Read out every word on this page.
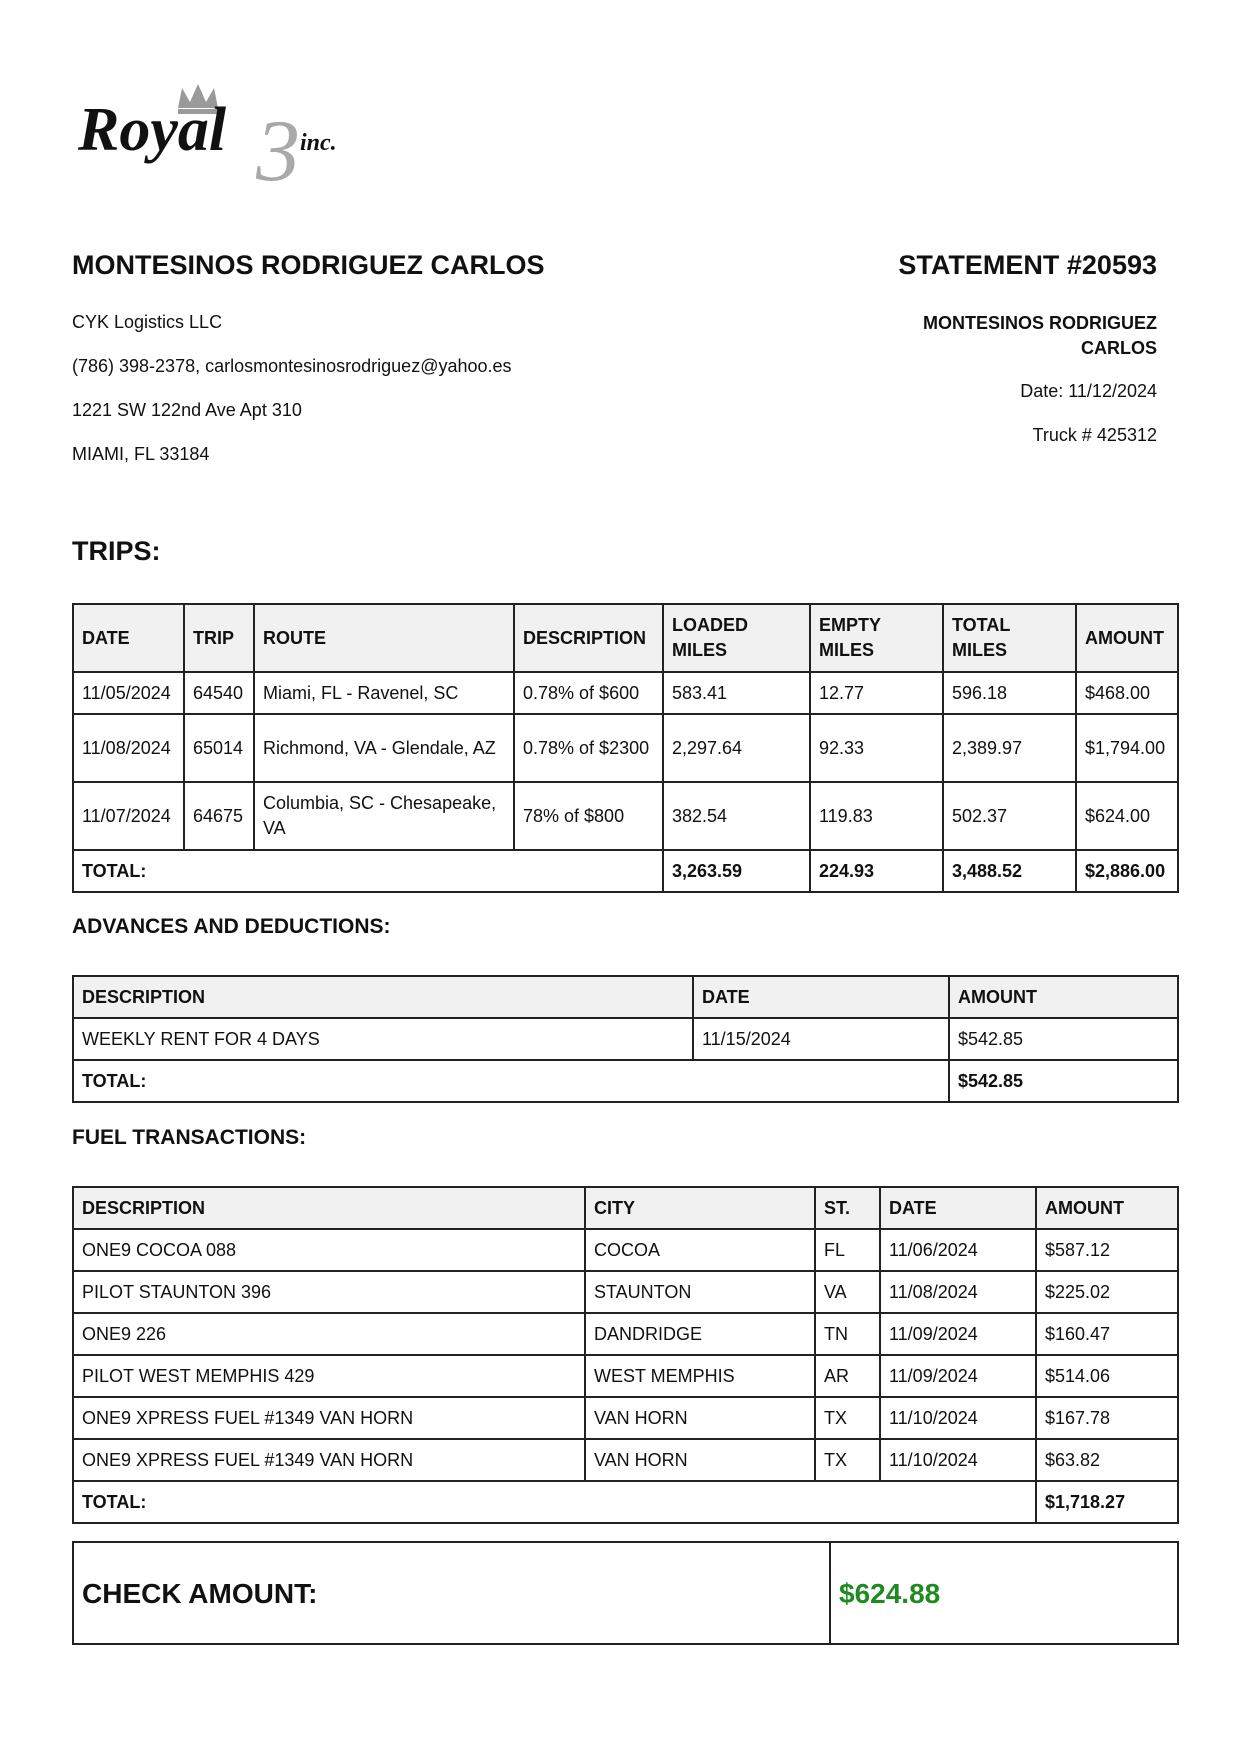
3
Royal	inc.
MONTESINOS RODRIGUEZ CARLOS	STATEMENT #20593
CYK Logistics LLC
(786) 398-2378, carlosmontesinosrodriguez@yahoo.es
1221 SW 122nd Ave Apt 310
MIAMI, FL 33184
MONTESINOS RODRIGUEZ
CARLOS
Date: 11/12/2024
Truck # 425312
TRIPS:
DATE	TRIP	ROUTE	DESCRIPTION	LOADED MILES	EMPTY MILES	TOTAL MILES	AMOUNT
11/05/2024	64540	Miami, FL - Ravenel, SC	0.78% of $600	583.41	12.77	596.18	$468.00
11/08/2024	65014	Richmond, VA - Glendale, AZ	0.78% of $2300	2,297.64	92.33	2,389.97	$1,794.00
11/07/2024	64675	Columbia, SC - Chesapeake, VA	78% of $800	382.54	119.83	502.37	$624.00
TOTAL:				3,263.59	224.93	3,488.52	$2,886.00
ADVANCES AND DEDUCTIONS:
DESCRIPTION	DATE	AMOUNT
WEEKLY RENT FOR 4 DAYS	11/15/2024	$542.85
TOTAL:		$542.85
FUEL TRANSACTIONS:
DESCRIPTION	CITY	ST.	DATE	AMOUNT
ONE9 COCOA 088	COCOA	FL	11/06/2024	$587.12
PILOT STAUNTON 396	STAUNTON	VA	11/08/2024	$225.02
ONE9 226	DANDRIDGE	TN	11/09/2024	$160.47
PILOT WEST MEMPHIS 429	WEST MEMPHIS	AR	11/09/2024	$514.06
ONE9 XPRESS FUEL #1349 VAN HORN	VAN HORN	TX	11/10/2024	$167.78
ONE9 XPRESS FUEL #1349 VAN HORN	VAN HORN	TX	11/10/2024	$63.82
TOTAL:				$1,718.27
CHECK AMOUNT:	$624.88
